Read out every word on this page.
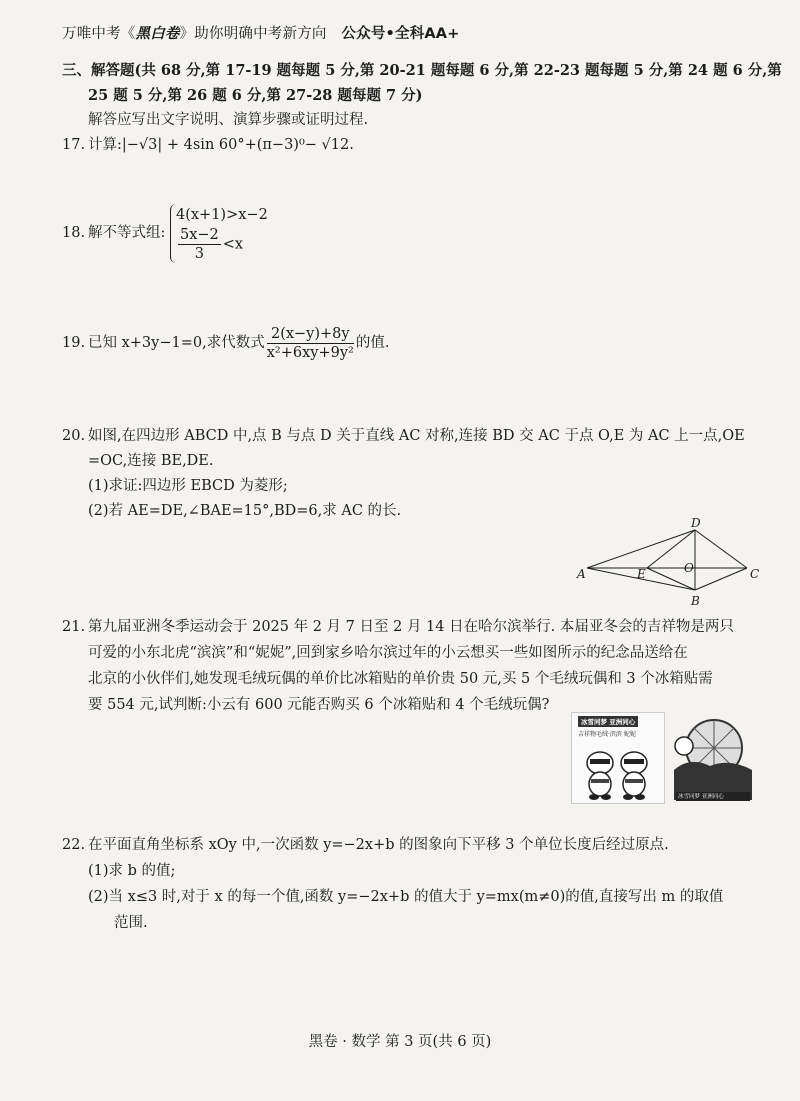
万唯中考《黑白卷》助你明确中考新方向 公众号•全科AA+
三、解答题(共 68 分,第 17-19 题每题 5 分,第 20-21 题每题 6 分,第 22-23 题每题 5 分,第 24 题 6 分,第
25 题 5 分,第 26 题 6 分,第 27-28 题每题 7 分)
解答应写出文字说明、演算步骤或证明过程.
17. 计算:|−√3| + 4sin 60°+(π−3)⁰− √12.
18. 解不等式组:
4(x+1)>x−2
$\frac{5x-2}{3} <x$
19. 已知 x+3y−1=0,求代数式 $\frac{2(x-y)+8y}{\text{x²+6xy+9y²}}$ 的值.
20. 如图,在四边形 ABCD 中,点 B 与点 D 关于直线 AC 对称,连接 BD 交 AC 于点 O,E 为 AC 上一点,OE
=OC,连接 BE,DE.
(1)求证:四边形 EBCD 为菱形;
(2)若 AE=DE,∠BAE=15°,BD=6,求 AC 的长.
D
A	E	O	C
B
21. 第九届亚洲冬季运动会于 2025 年 2 月 7 日至 2 月 14 日在哈尔滨举行. 本届亚冬会的吉祥物是两只
可爱的小东北虎“滨滨”和“妮妮”,回到家乡哈尔滨过年的小云想买一些如图所示的纪念品送给在
北京的小伙伴们,她发现毛绒玩偶的单价比冰箱贴的单价贵 50 元,买 5 个毛绒玩偶和 3 个冰箱贴需
要 554 元,试判断:小云有 600 元能否购买 6 个冰箱贴和 4 个毛绒玩偶?
冰雪同梦 亚洲同心
吉祥物毛绒·滨滨 妮妮
冰雪同梦 亚洲同心
22. 在平面直角坐标系 xOy 中,一次函数 y=−2x+b 的图象向下平移 3 个单位长度后经过原点.
(1)求 b 的值;
(2)当 x≤3 时,对于 x 的每一个值,函数 y=−2x+b 的值大于 y=mx(m≠0)的值,直接写出 m 的取值
范围.
黑卷 · 数学 第 3 页(共 6 页)
